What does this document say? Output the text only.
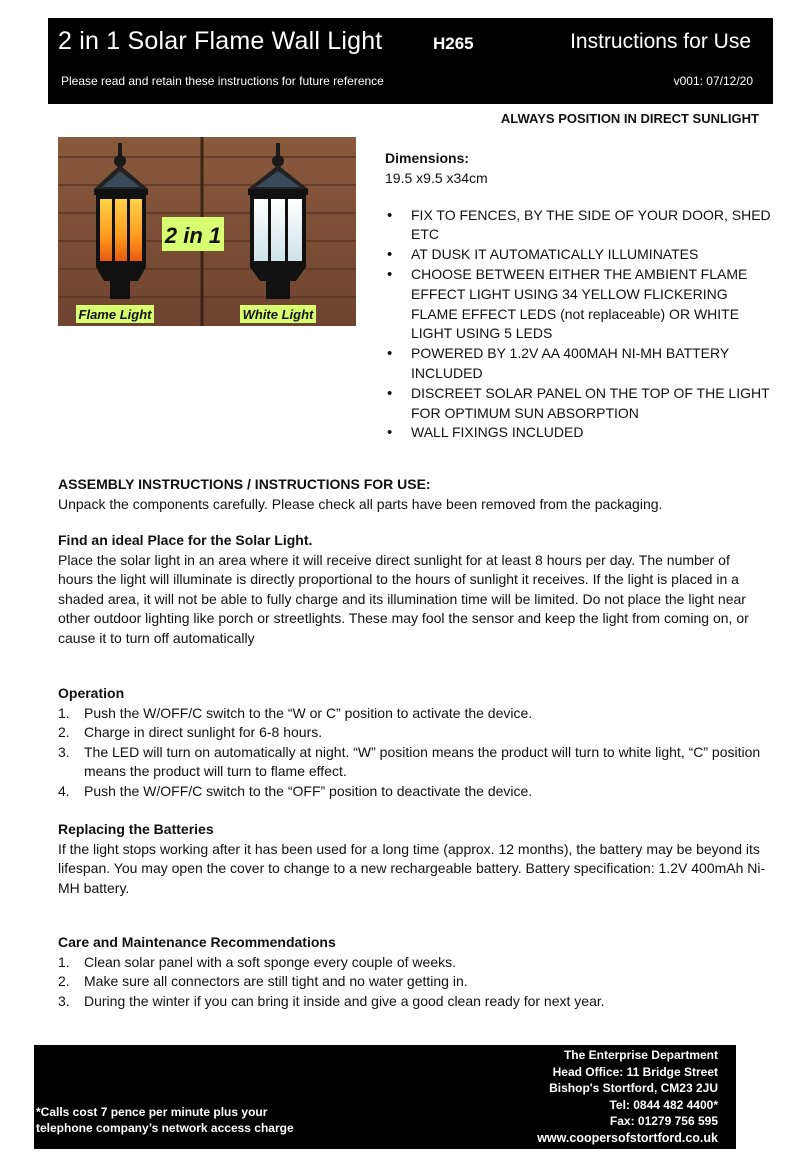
2 in 1 Solar Flame Wall Light	H265	Instructions for Use
Please read and retain these instructions for future reference	v001: 07/12/20
ALWAYS POSITION IN DIRECT SUNLIGHT
2 in 1
Flame Light	White Light
Dimensions:
19.5 x9.5 x34cm
• FIX TO FENCES, BY THE SIDE OF YOUR DOOR, SHED ETC
• AT DUSK IT AUTOMATICALLY ILLUMINATES
• CHOOSE BETWEEN EITHER THE AMBIENT FLAME EFFECT LIGHT USING 34 YELLOW FLICKERING FLAME EFFECT LEDS (not replaceable) OR WHITE LIGHT USING 5 LEDS
• POWERED BY 1.2V AA 400MAH NI-MH BATTERY INCLUDED
• DISCREET SOLAR PANEL ON THE TOP OF THE LIGHT FOR OPTIMUM SUN ABSORPTION
• WALL FIXINGS INCLUDED
ASSEMBLY INSTRUCTIONS / INSTRUCTIONS FOR USE:

Unpack the components carefully. Please check all parts have been removed from the packaging.

Find an ideal Place for the Solar Light.

Place the solar light in an area where it will receive direct sunlight for at least 8 hours per day. The number of hours the light will illuminate is directly proportional to the hours of sunlight it receives. If the light is placed in a shaded area, it will not be able to fully charge and its illumination time will be limited. Do not place the light near other outdoor lighting like porch or streetlights. These may fool the sensor and keep the light from coming on, or cause it to turn off automatically

Operation
1. Push the W/OFF/C switch to the “W or C” position to activate the device.
2. Charge in direct sunlight for 6-8 hours.
3. The LED will turn on automatically at night. “W” position means the product will turn to white light, “C” position means the product will turn to flame effect.
4. Push the W/OFF/C switch to the “OFF” position to deactivate the device.
Replacing the Batteries

If the light stops working after it has been used for a long time (approx. 12 months), the battery may be beyond its lifespan. You may open the cover to change to a new rechargeable battery. Battery specification: 1.2V 400mAh Ni-MH battery.

Care and Maintenance Recommendations
1. Clean solar panel with a soft sponge every couple of weeks.
2. Make sure all connectors are still tight and no water getting in.
3. During the winter if you can bring it inside and give a good clean ready for next year.
The Enterprise Department
Head Office: 11 Bridge Street
Bishop's Stortford, CM23 2JU
Tel: 0844 482 4400*
Fax: 01279 756 595
www.coopersofstortford.co.uk
*Calls cost 7 pence per minute plus your
telephone company’s network access charge
